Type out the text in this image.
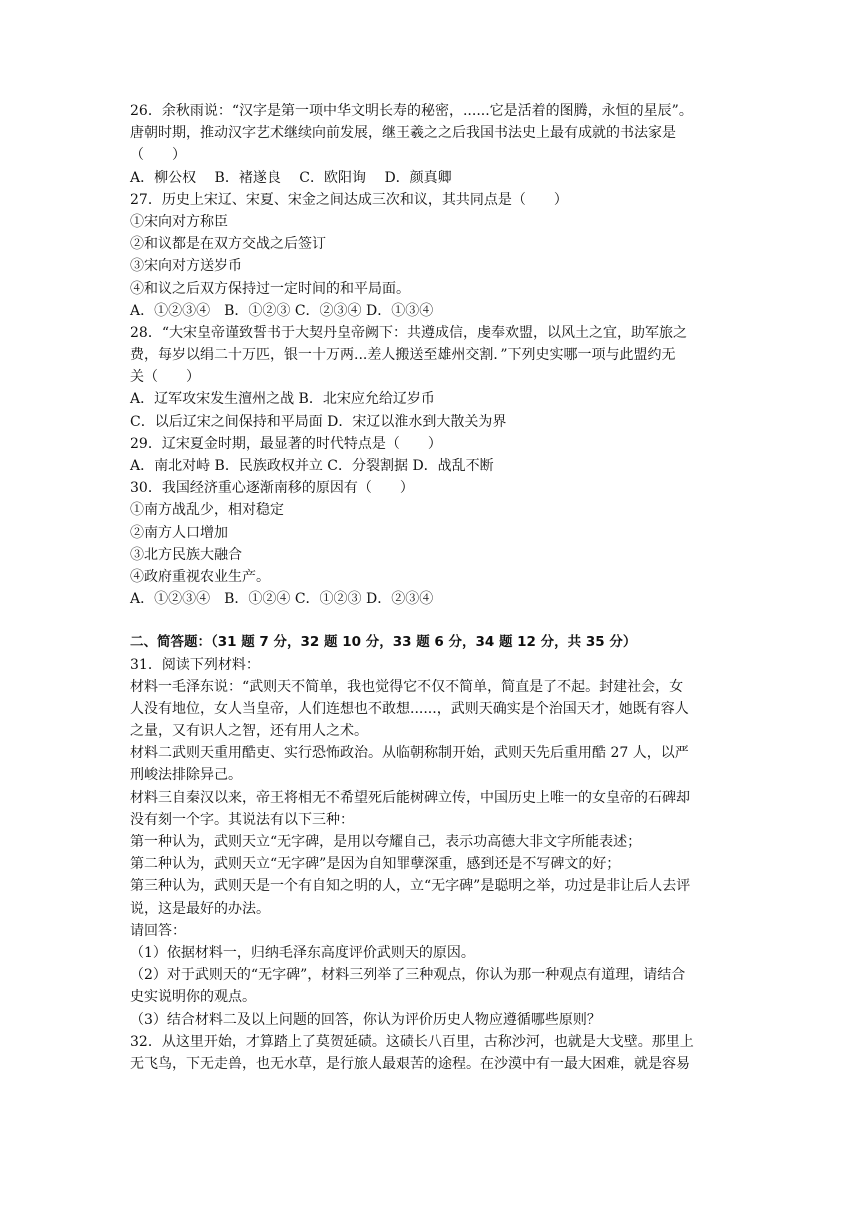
26．余秋雨说：“汉字是第一项中华文明长寿的秘密，......它是活着的图腾，永恒的星辰”。
唐朝时期，推动汉字艺术继续向前发展，继王羲之之后我国书法史上最有成就的书法家是
（　　）
A．柳公权　 B．褚遂良　 C．欧阳询　 D．颜真卿
27．历史上宋辽、宋夏、宋金之间达成三次和议，其共同点是（　　）
①宋向对方称臣
②和议都是在双方交战之后签订
③宋向对方送岁币
④和议之后双方保持过一定时间的和平局面。
A．①②③④　B．①②③ C．②③④ D．①③④
28．“大宋皇帝谨致誓书于大契丹皇帝阙下：共遵成信，虔奉欢盟，以风土之宜，助军旅之
费，每岁以绢二十万匹，银一十万两...差人搬送至雄州交割．”下列史实哪一项与此盟约无
关（　　）
A．辽军攻宋发生澶州之战 B．北宋应允给辽岁币
C．以后辽宋之间保持和平局面 D．宋辽以淮水到大散关为界
29．辽宋夏金时期，最显著的时代特点是（　　）
A．南北对峙 B．民族政权并立 C．分裂割据 D．战乱不断
30．我国经济重心逐渐南移的原因有（　　）
①南方战乱少，相对稳定
②南方人口增加
③北方民族大融合
④政府重视农业生产。
A．①②③④　B．①②④ C．①②③ D．②③④
二、简答题：（31 题 7 分，32 题 10 分，33 题 6 分，34 题 12 分，共 35 分）
31．阅读下列材料：
材料一毛泽东说：“武则天不简单，我也觉得它不仅不简单，简直是了不起。封建社会，女
人没有地位，女人当皇帝，人们连想也不敢想......，武则天确实是个治国天才，她既有容人
之量，又有识人之智，还有用人之术。
材料二武则天重用酷吏、实行恐怖政治。从临朝称制开始，武则天先后重用酷 27 人，以严
刑峻法排除异己。
材料三自秦汉以来，帝王将相无不希望死后能树碑立传，中国历史上唯一的女皇帝的石碑却
没有刻一个字。其说法有以下三种：
第一种认为，武则天立“无字碑，是用以夸耀自己，表示功高德大非文字所能表述；
第二种认为，武则天立“无字碑”是因为自知罪孽深重，感到还是不写碑文的好；
第三种认为，武则天是一个有自知之明的人，立“无字碑”是聪明之举，功过是非让后人去评
说，这是最好的办法。
请回答：
（1）依据材料一，归纳毛泽东高度评价武则天的原因。
（2）对于武则天的“无字碑”，材料三列举了三种观点，你认为那一种观点有道理，请结合
史实说明你的观点。
（3）结合材料二及以上问题的回答，你认为评价历史人物应遵循哪些原则？
32．从这里开始，才算踏上了莫贺延碛。这碛长八百里，古称沙河，也就是大戈壁。那里上
无飞鸟，下无走兽，也无水草，是行旅人最艰苦的途程。在沙漠中有一最大困难，就是容易
